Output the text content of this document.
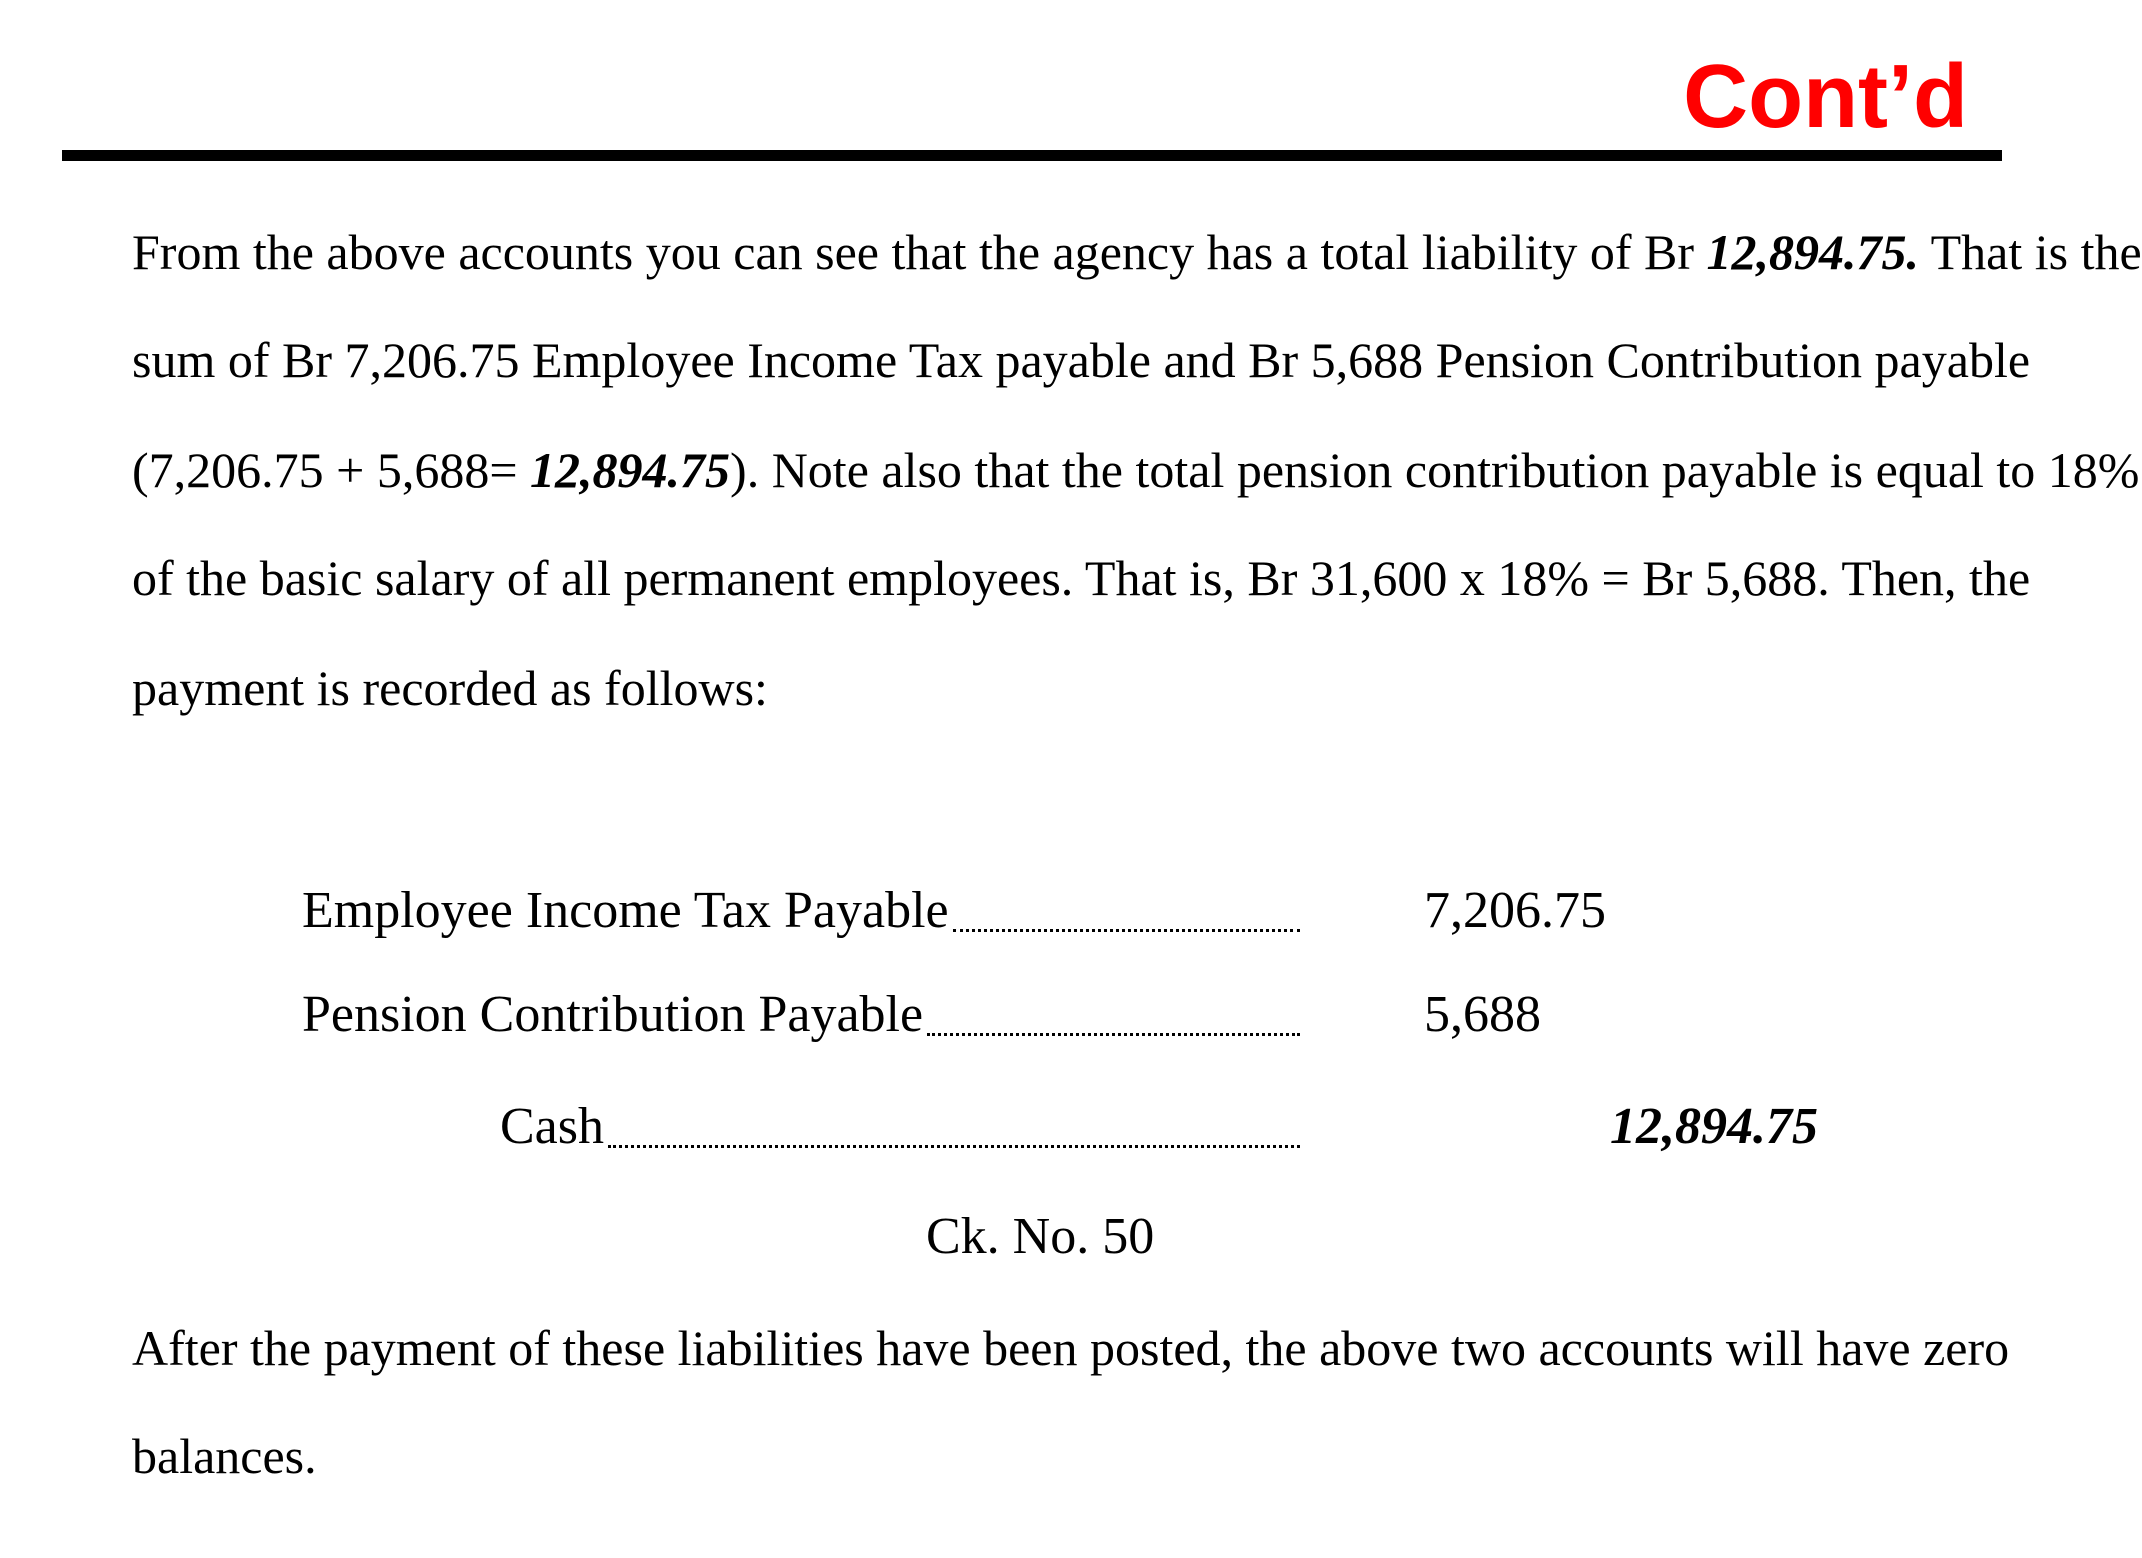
Cont’d
From the above accounts you can see that the agency has a total liability of Br 12,894.75. That is the
sum of Br 7,206.75 Employee Income Tax payable and Br 5,688 Pension Contribution payable
(7,206.75 + 5,688= 12,894.75). Note also that the total pension contribution payable is equal to 18%
of the basic salary of all permanent employees. That is, Br 31,600 x 18% = Br 5,688. Then, the
payment is recorded as follows:
Employee Income Tax Payable	7,206.75
Pension Contribution Payable	5,688
Cash	12,894.75
Ck. No. 50
After the payment of these liabilities have been posted, the above two accounts will have zero
balances.
